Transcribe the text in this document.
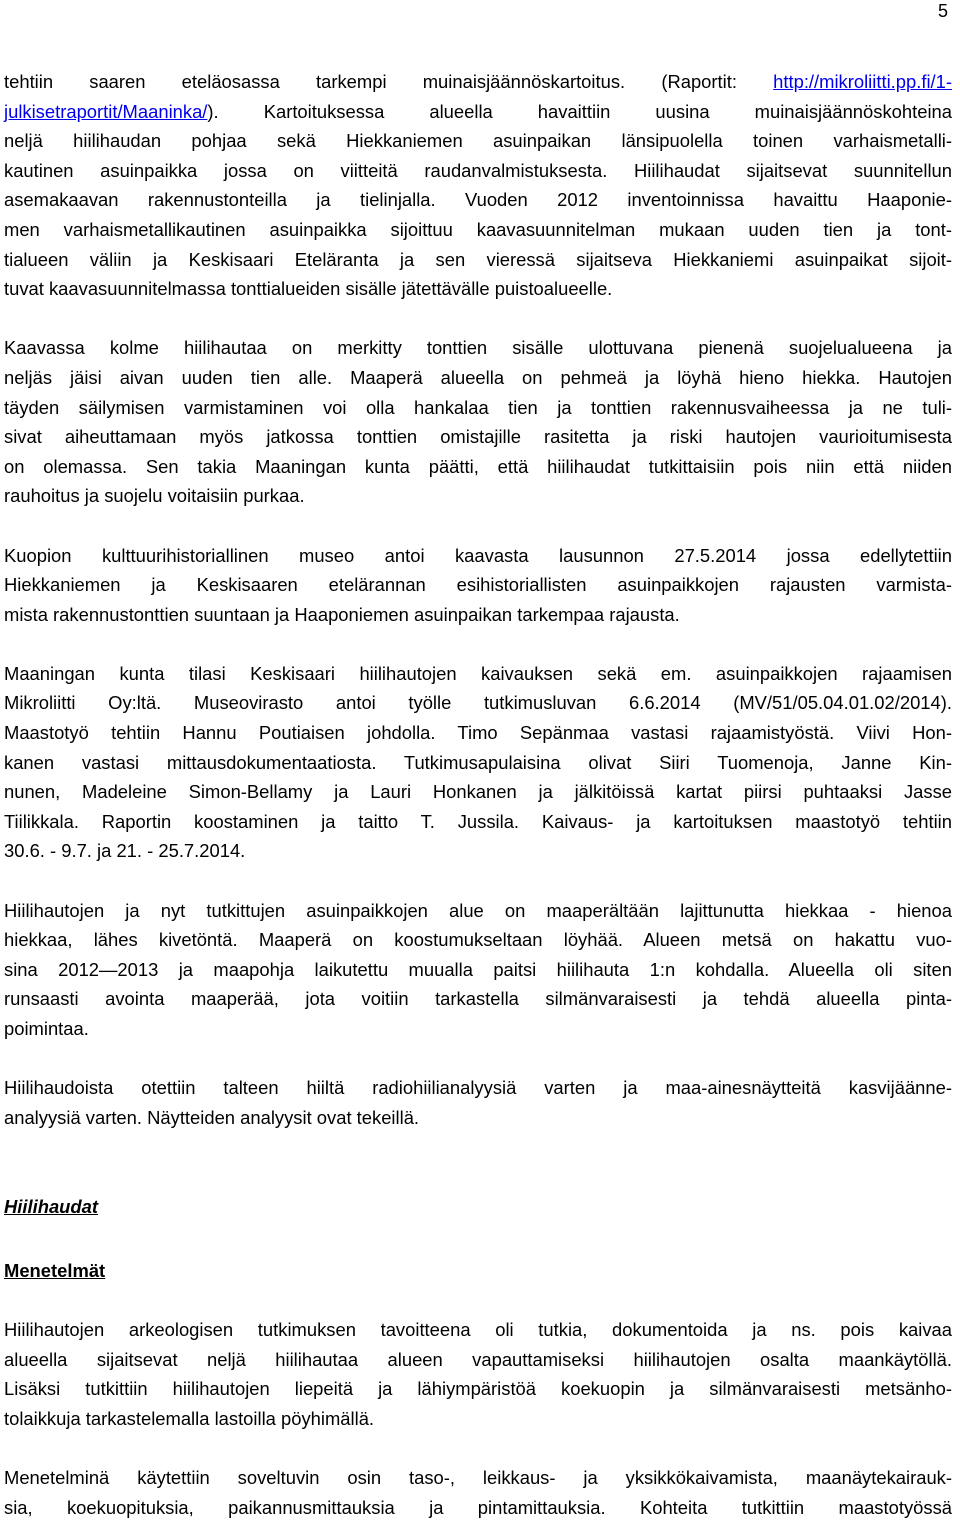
5
tehtiin saaren eteläosassa tarkempi muinaisjäännöskartoitus. (Raportit: http://mikroliitti.pp.fi/1-
julkisetraportit/Maaninka/). Kartoituksessa alueella havaittiin uusina muinaisjäännöskohteina
neljä hiilihaudan pohjaa sekä Hiekkaniemen asuinpaikan länsipuolella toinen varhaismetalli-
kautinen asuinpaikka jossa on viitteitä raudanvalmistuksesta. Hiilihaudat sijaitsevat suunnitellun
asemakaavan rakennustonteilla ja tielinjalla. Vuoden 2012 inventoinnissa havaittu Haaponie-
men varhaismetallikautinen asuinpaikka sijoittuu kaavasuunnitelman mukaan uuden tien ja tont-
tialueen väliin ja Keskisaari Eteläranta ja sen vieressä sijaitseva Hiekkaniemi asuinpaikat sijoit-
tuvat kaavasuunnitelmassa tonttialueiden sisälle jätettävälle puistoalueelle.
Kaavassa kolme hiilihautaa on merkitty tonttien sisälle ulottuvana pienenä suojelualueena ja
neljäs jäisi aivan uuden tien alle. Maaperä alueella on pehmeä ja löyhä hieno hiekka. Hautojen
täyden säilymisen varmistaminen voi olla hankalaa tien ja tonttien rakennusvaiheessa ja ne tuli-
sivat aiheuttamaan myös jatkossa tonttien omistajille rasitetta ja riski hautojen vaurioitumisesta
on olemassa. Sen takia Maaningan kunta päätti, että hiilihaudat tutkittaisiin pois niin että niiden
rauhoitus ja suojelu voitaisiin purkaa.
Kuopion kulttuurihistoriallinen museo antoi kaavasta lausunnon 27.5.2014 jossa edellytettiin
Hiekkaniemen ja Keskisaaren etelärannan esihistoriallisten asuinpaikkojen rajausten varmista-
mista rakennustonttien suuntaan ja Haaponiemen asuinpaikan tarkempaa rajausta.
Maaningan kunta tilasi Keskisaari hiilihautojen kaivauksen sekä em. asuinpaikkojen rajaamisen
Mikroliitti Oy:ltä. Museovirasto antoi työlle tutkimusluvan 6.6.2014 (MV/51/05.04.01.02/2014).
Maastotyö tehtiin Hannu Poutiaisen johdolla. Timo Sepänmaa vastasi rajaamistyöstä. Viivi Hon-
kanen vastasi mittausdokumentaatiosta. Tutkimusapulaisina olivat Siiri Tuomenoja, Janne Kin-
nunen, Madeleine Simon-Bellamy ja Lauri Honkanen ja jälkitöissä kartat piirsi puhtaaksi Jasse
Tiilikkala. Raportin koostaminen ja taitto T. Jussila. Kaivaus- ja kartoituksen maastotyö tehtiin
30.6. - 9.7. ja 21. - 25.7.2014.
Hiilihautojen ja nyt tutkittujen asuinpaikkojen alue on maaperältään lajittunutta hiekkaa - hienoa
hiekkaa, lähes kivetöntä. Maaperä on koostumukseltaan löyhää. Alueen metsä on hakattu vuo-
sina 2012—2013 ja maapohja laikutettu muualla paitsi hiilihauta 1:n kohdalla. Alueella oli siten
runsaasti avointa maaperää, jota voitiin tarkastella silmänvaraisesti ja tehdä alueella pinta-
poimintaa.
Hiilihaudoista otettiin talteen hiiltä radiohiilianalyysiä varten ja maa-ainesnäytteitä kasvijäänne-
analyysiä varten. Näytteiden analyysit ovat tekeillä.
Hiilihaudat
Menetelmät
Hiilihautojen arkeologisen tutkimuksen tavoitteena oli tutkia, dokumentoida ja ns. pois kaivaa
alueella sijaitsevat neljä hiilihautaa alueen vapauttamiseksi hiilihautojen osalta maankäytöllä.
Lisäksi tutkittiin hiilihautojen liepeitä ja lähiympäristöä koekuopin ja silmänvaraisesti metsänho-
tolaikkuja tarkastelemalla lastoilla pöyhimällä.
Menetelminä käytettiin soveltuvin osin taso-, leikkaus- ja yksikkökaivamista, maanäytekairauk-
sia, koekuopituksia, paikannusmittauksia ja pintamittauksia. Kohteita tutkittiin maastotyössä
